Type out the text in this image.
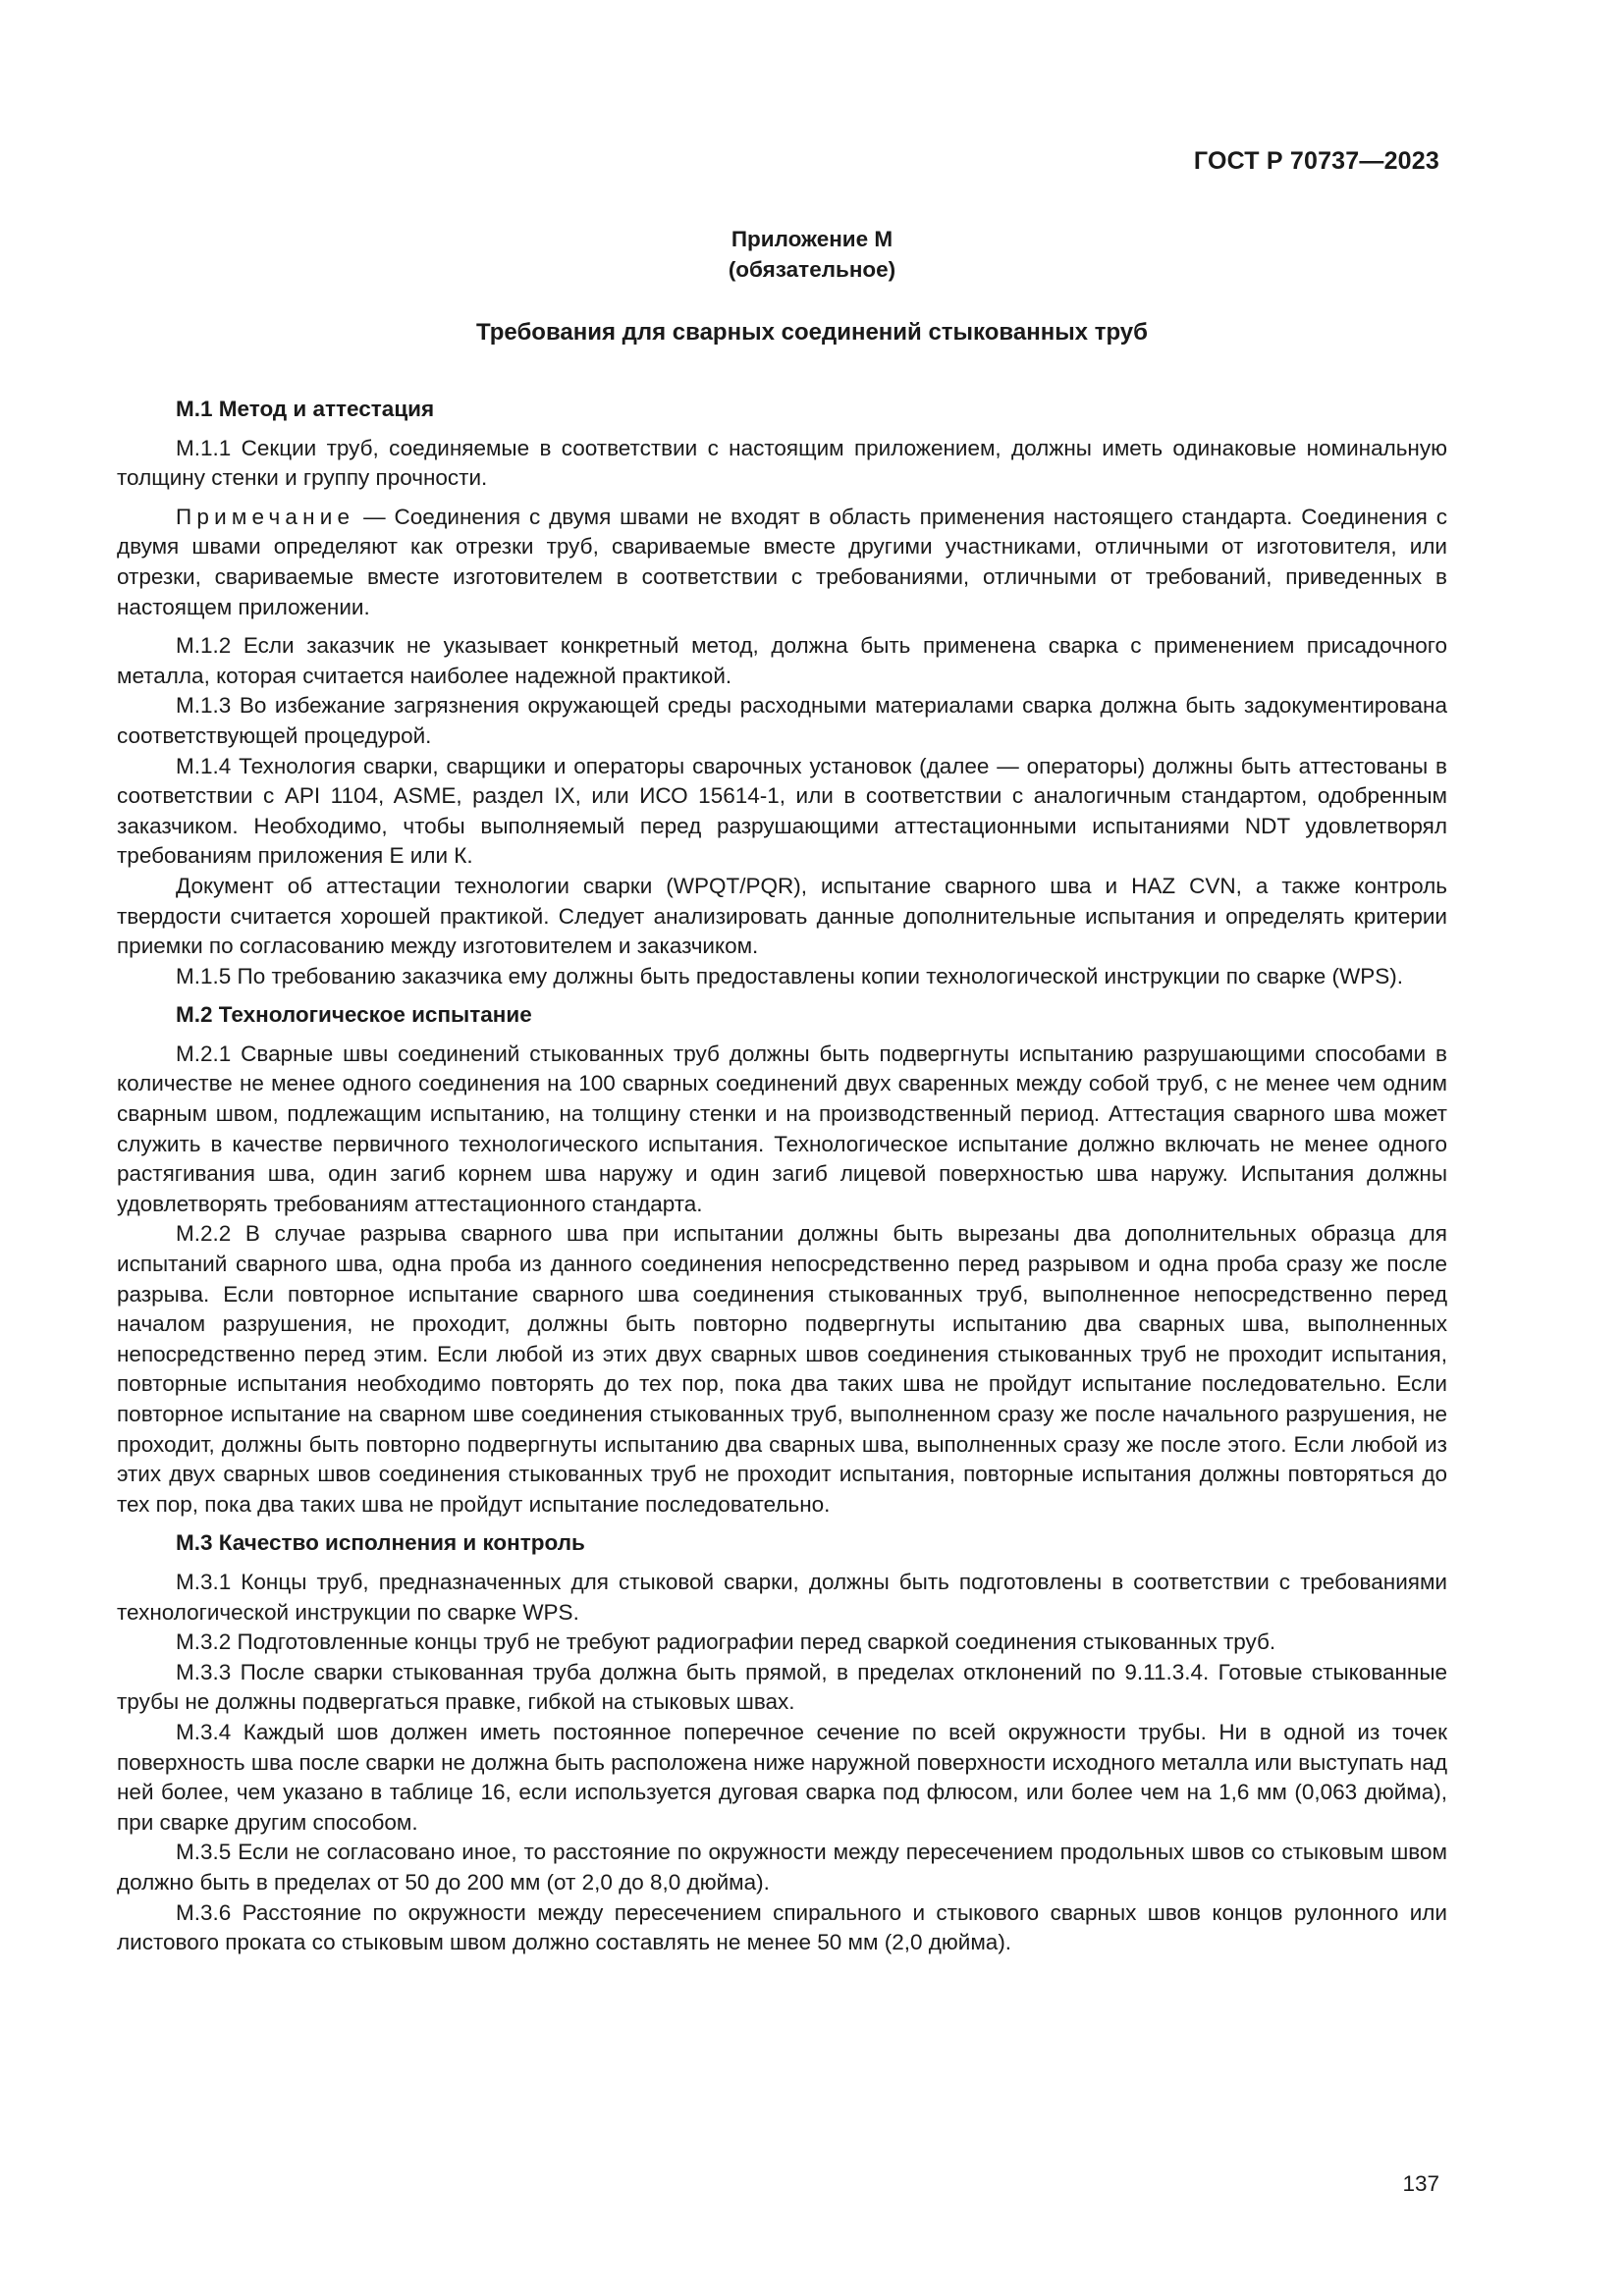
ГОСТ Р 70737—2023
Приложение М
(обязательное)
Требования для сварных соединений стыкованных труб
М.1 Метод и аттестация

М.1.1 Секции труб, соединяемые в соответствии с настоящим приложением, должны иметь одинаковые номинальную толщину стенки и группу прочности.

Примечание — Соединения с двумя швами не входят в область применения настоящего стандарта. Соединения с двумя швами определяют как отрезки труб, свариваемые вместе другими участниками, отличными от изготовителя, или отрезки, свариваемые вместе изготовителем в соответствии с требованиями, отличными от требований, приведенных в настоящем приложении.

М.1.2 Если заказчик не указывает конкретный метод, должна быть применена сварка с применением присадочного металла, которая считается наиболее надежной практикой.

М.1.3 Во избежание загрязнения окружающей среды расходными материалами сварка должна быть задокументирована соответствующей процедурой.

М.1.4 Технология сварки, сварщики и операторы сварочных установок (далее — операторы) должны быть аттестованы в соответствии с API 1104, ASME, раздел IX, или ИСО 15614-1, или в соответствии с аналогичным стандартом, одобренным заказчиком. Необходимо, чтобы выполняемый перед разрушающими аттестационными испытаниями NDT удовлетворял требованиям приложения Е или К.

Документ об аттестации технологии сварки (WPQT/PQR), испытание сварного шва и HAZ CVN, а также контроль твердости считается хорошей практикой. Следует анализировать данные дополнительные испытания и определять критерии приемки по согласованию между изготовителем и заказчиком.

М.1.5 По требованию заказчика ему должны быть предоставлены копии технологической инструкции по сварке (WPS).

М.2 Технологическое испытание

М.2.1 Сварные швы соединений стыкованных труб должны быть подвергнуты испытанию разрушающими способами в количестве не менее одного соединения на 100 сварных соединений двух сваренных между собой труб, с не менее чем одним сварным швом, подлежащим испытанию, на толщину стенки и на производственный период. Аттестация сварного шва может служить в качестве первичного технологического испытания. Технологическое испытание должно включать не менее одного растягивания шва, один загиб корнем шва наружу и один загиб лицевой поверхностью шва наружу. Испытания должны удовлетворять требованиям аттестационного стандарта.

М.2.2 В случае разрыва сварного шва при испытании должны быть вырезаны два дополнительных образца для испытаний сварного шва, одна проба из данного соединения непосредственно перед разрывом и одна проба сразу же после разрыва. Если повторное испытание сварного шва соединения стыкованных труб, выполненное непосредственно перед началом разрушения, не проходит, должны быть повторно подвергнуты испытанию два сварных шва, выполненных непосредственно перед этим. Если любой из этих двух сварных швов соединения стыкованных труб не проходит испытания, повторные испытания необходимо повторять до тех пор, пока два таких шва не пройдут испытание последовательно. Если повторное испытание на сварном шве соединения стыкованных труб, выполненном сразу же после начального разрушения, не проходит, должны быть повторно подвергнуты испытанию два сварных шва, выполненных сразу же после этого. Если любой из этих двух сварных швов соединения стыкованных труб не проходит испытания, повторные испытания должны повторяться до тех пор, пока два таких шва не пройдут испытание последовательно.

М.3 Качество исполнения и контроль

М.3.1 Концы труб, предназначенных для стыковой сварки, должны быть подготовлены в соответствии с требованиями технологической инструкции по сварке WPS.

М.3.2 Подготовленные концы труб не требуют радиографии перед сваркой соединения стыкованных труб.

М.3.3 После сварки стыкованная труба должна быть прямой, в пределах отклонений по 9.11.3.4. Готовые стыкованные трубы не должны подвергаться правке, гибкой на стыковых швах.

М.3.4 Каждый шов должен иметь постоянное поперечное сечение по всей окружности трубы. Ни в одной из точек поверхность шва после сварки не должна быть расположена ниже наружной поверхности исходного металла или выступать над ней более, чем указано в таблице 16, если используется дуговая сварка под флюсом, или более чем на 1,6 мм (0,063 дюйма), при сварке другим способом.

М.3.5 Если не согласовано иное, то расстояние по окружности между пересечением продольных швов со стыковым швом должно быть в пределах от 50 до 200 мм (от 2,0 до 8,0 дюйма).

М.3.6 Расстояние по окружности между пересечением спирального и стыкового сварных швов концов рулонного или листового проката со стыковым швом должно составлять не менее 50 мм (2,0 дюйма).

137
